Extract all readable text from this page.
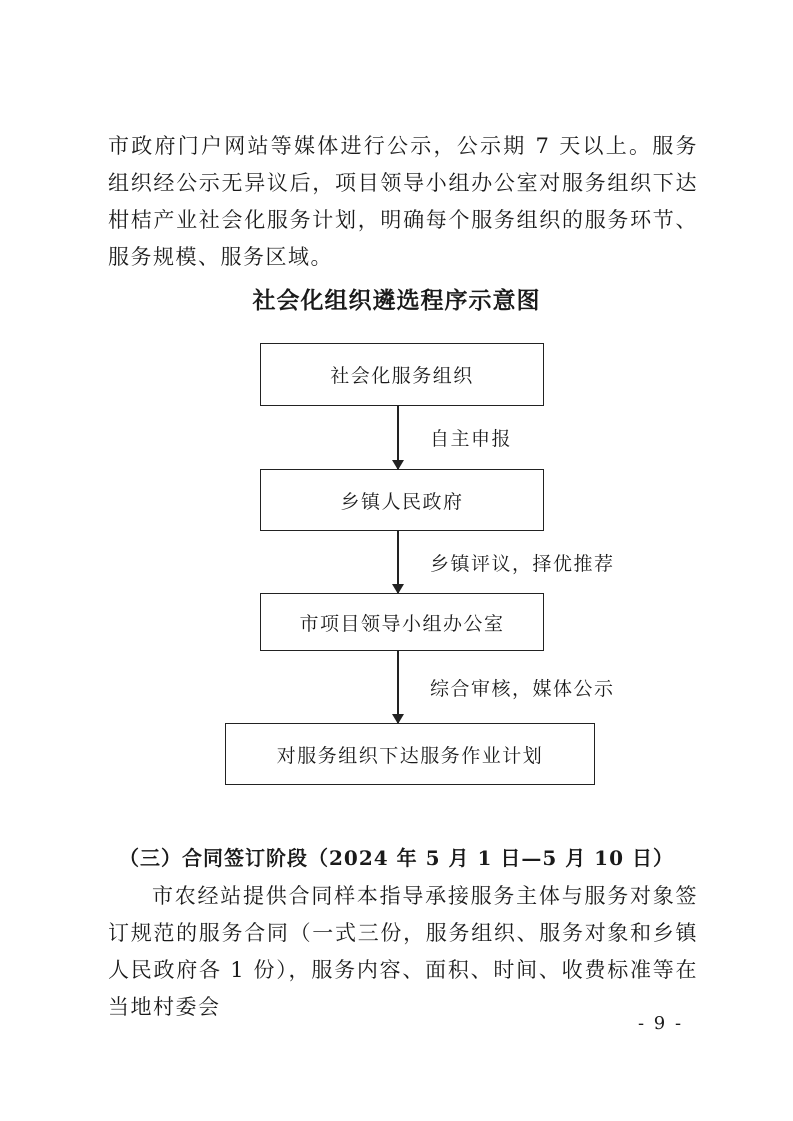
市政府门户网站等媒体进行公示，公示期 7 天以上。服务组织经公示无异议后，项目领导小组办公室对服务组织下达柑桔产业社会化服务计划，明确每个服务组织的服务环节、服务规模、服务区域。

社会化组织遴选程序示意图
社会化服务组织
自主申报
乡镇人民政府
乡镇评议，择优推荐
市项目领导小组办公室
综合审核，媒体公示
对服务组织下达服务作业计划
（三）合同签订阶段（2024 年 5 月 1 日—5 月 10 日）

市农经站提供合同样本指导承接服务主体与服务对象签订规范的服务合同（一式三份，服务组织、服务对象和乡镇人民政府各 1 份），服务内容、面积、时间、收费标准等在当地村委会

- 9 -
